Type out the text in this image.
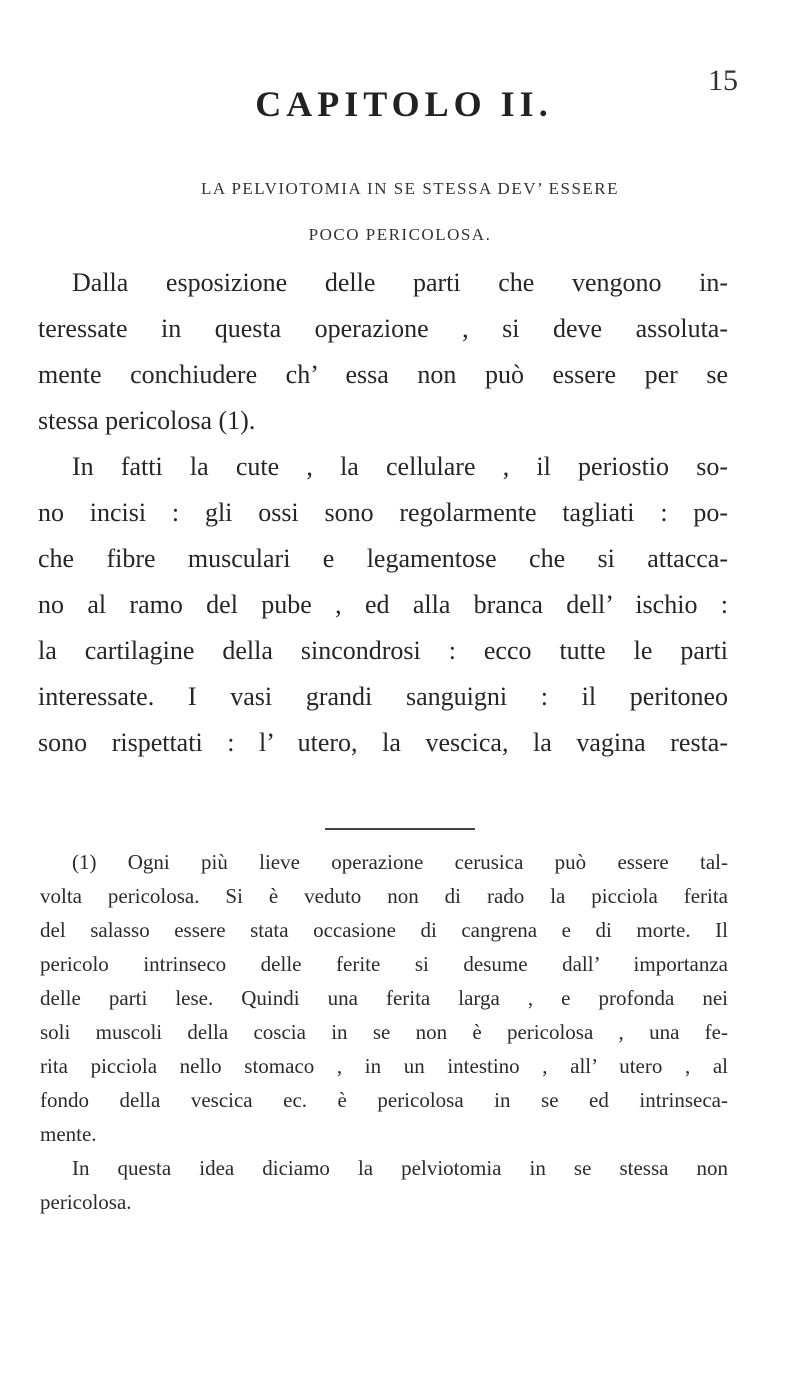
15
CAPITOLO II.
LA PELVIOTOMIA IN SE STESSA DEV’ ESSERE
POCO PERICOLOSA.
Dalla esposizione delle parti che vengono in-
teressate in questa operazione , si deve assoluta-
mente conchiudere ch’ essa non può essere per se
stessa pericolosa (1).
In fatti la cute , la cellulare , il periostio so-
no incisi : gli ossi sono regolarmente tagliati : po-
che fibre musculari e legamentose che si attacca-
no al ramo del pube , ed alla branca dell’ ischio :
la cartilagine della sincondrosi : ecco tutte le parti
interessate. I vasi grandi sanguigni : il peritoneo
sono rispettati : l’ utero, la vescica, la vagina resta-
(1) Ogni più lieve operazione cerusica può essere tal-
volta pericolosa. Si è veduto non di rado la picciola ferita
del salasso essere stata occasione di cangrena e di morte. Il
pericolo intrinseco delle ferite si desume dall’ importanza
delle parti lese. Quindi una ferita larga , e profonda nei
soli muscoli della coscia in se non è pericolosa , una fe-
rita picciola nello stomaco , in un intestino , all’ utero , al
fondo della vescica ec. è pericolosa in se ed intrinseca-
mente.
In questa idea diciamo la pelviotomia in se stessa non
pericolosa.
